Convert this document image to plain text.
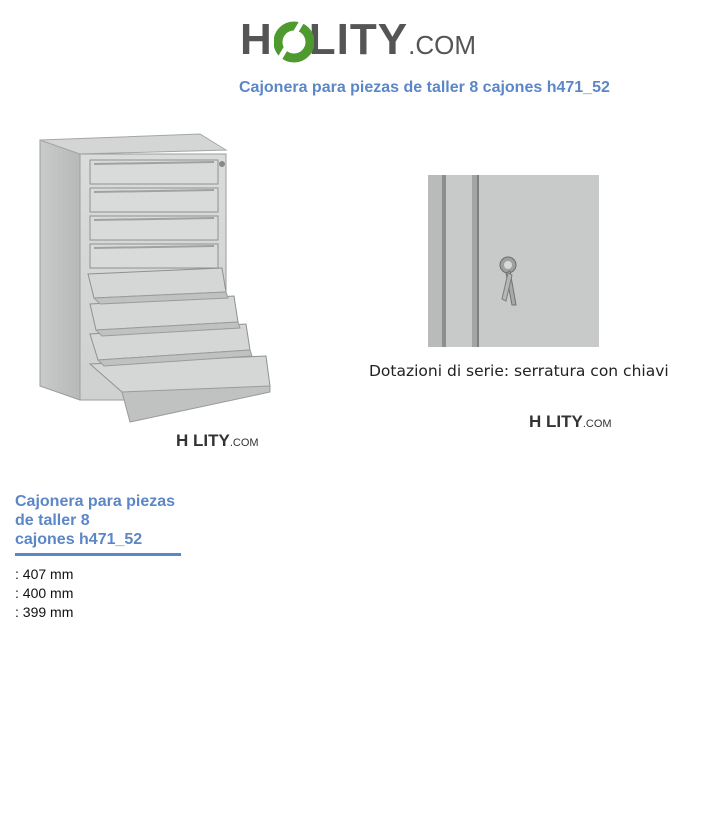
H LITY.COM
Cajonera para piezas de taller 8 cajones h471_52
H LITY.COM
Dotazioni di serie: serratura con chiavi
H LITY.COM
Cajonera para piezas
de taller 8
cajones h471_52
: 407 mm
: 400 mm
: 399 mm
